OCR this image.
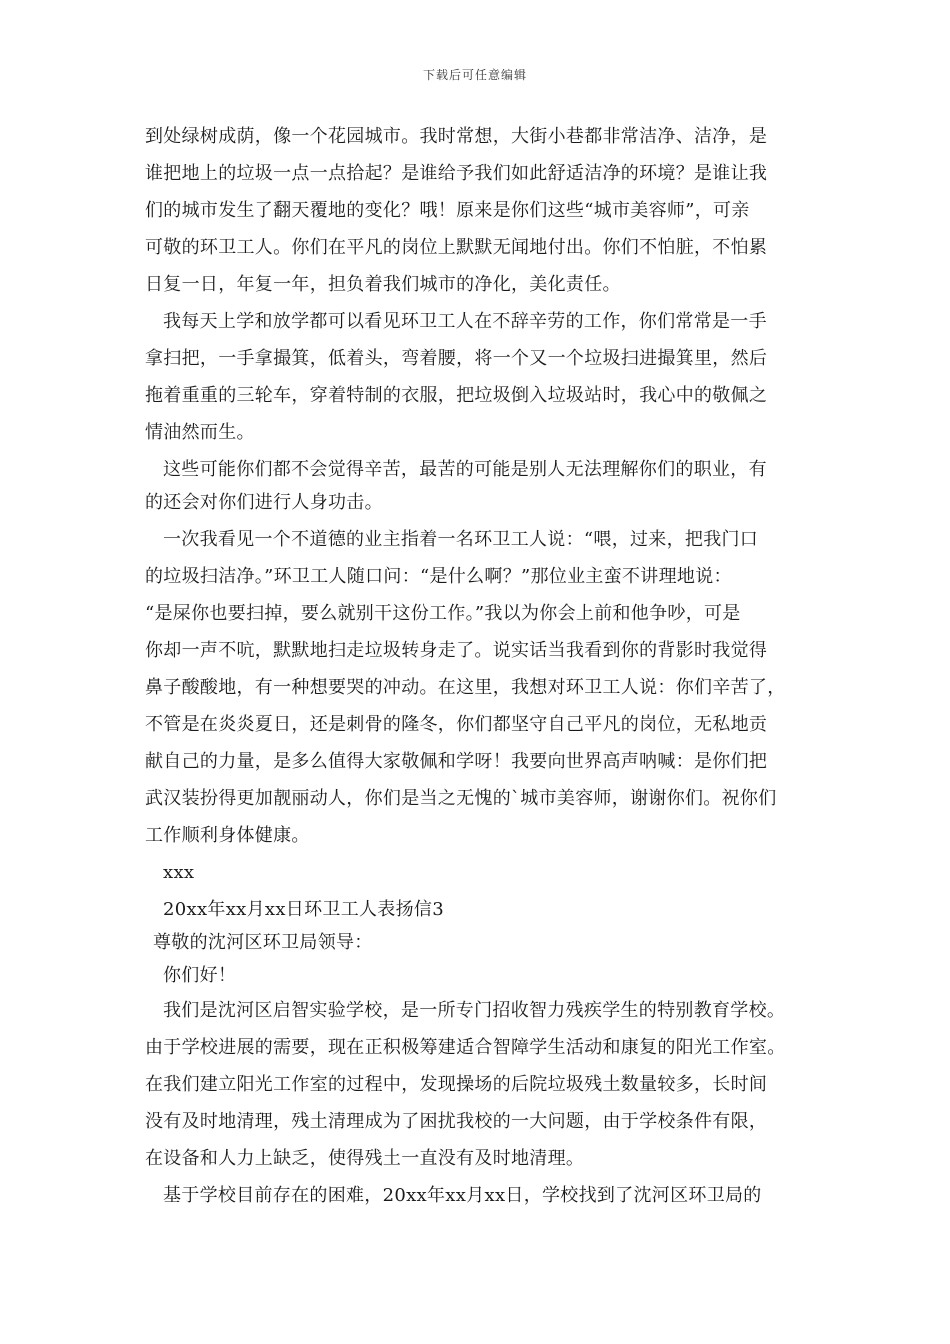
下载后可任意编辑
到处绿树成荫，像一个花园城市。我时常想，大街小巷都非常洁净、洁净，是
谁把地上的垃圾一点一点拾起？是谁给予我们如此舒适洁净的环境？是谁让我
们的城市发生了翻天覆地的变化？哦！原来是你们这些“城市美容师”，可亲
可敬的环卫工人。你们在平凡的岗位上默默无闻地付出。你们不怕脏，不怕累
日复一日，年复一年，担负着我们城市的净化，美化责任。
我每天上学和放学都可以看见环卫工人在不辞辛劳的工作，你们常常是一手
拿扫把，一手拿撮箕，低着头，弯着腰，将一个又一个垃圾扫进撮箕里，然后
拖着重重的三轮车，穿着特制的衣服，把垃圾倒入垃圾站时，我心中的敬佩之
情油然而生。
这些可能你们都不会觉得辛苦，最苦的可能是别人无法理解你们的职业，有
的还会对你们进行人身功击。
一次我看见一个不道德的业主指着一名环卫工人说：“喂，过来，把我门口
的垃圾扫洁净。”环卫工人随口问：“是什么啊？”那位业主蛮不讲理地说：
“是屎你也要扫掉，要么就别干这份工作。”我以为你会上前和他争吵，可是
你却一声不吭，默默地扫走垃圾转身走了。说实话当我看到你的背影时我觉得
鼻子酸酸地，有一种想要哭的冲动。在这里，我想对环卫工人说：你们辛苦了，
不管是在炎炎夏日，还是刺骨的隆冬，你们都坚守自己平凡的岗位，无私地贡
献自己的力量，是多么值得大家敬佩和学呀！我要向世界高声呐喊：是你们把
武汉装扮得更加靓丽动人，你们是当之无愧的`城市美容师，谢谢你们。祝你们
工作顺利身体健康。
xxx
20xx年xx月xx日环卫工人表扬信3
尊敬的沈河区环卫局领导：
你们好！
我们是沈河区启智实验学校，是一所专门招收智力残疾学生的特别教育学校。
由于学校进展的需要，现在正积极筹建适合智障学生活动和康复的阳光工作室。
在我们建立阳光工作室的过程中，发现操场的后院垃圾残土数量较多，长时间
没有及时地清理，残土清理成为了困扰我校的一大问题，由于学校条件有限，
在设备和人力上缺乏，使得残土一直没有及时地清理。
基于学校目前存在的困难，20xx年xx月xx日，学校找到了沈河区环卫局的
